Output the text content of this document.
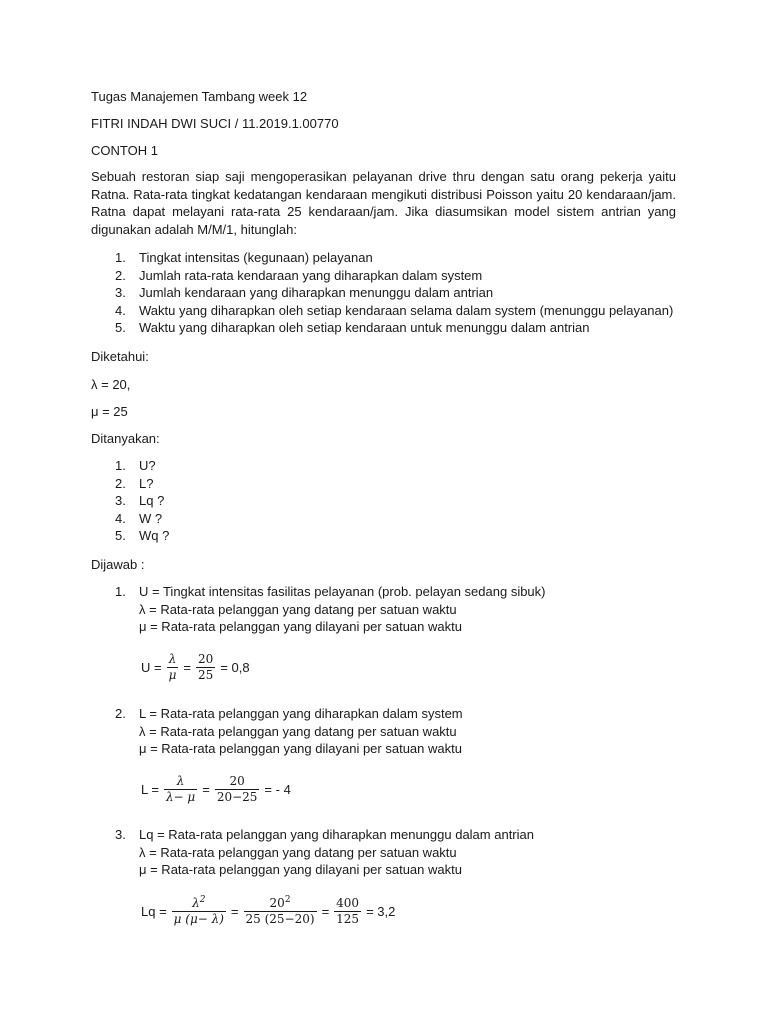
Tugas Manajemen Tambang week 12
FITRI INDAH DWI SUCI / 11.2019.1.00770
CONTOH 1
Sebuah restoran siap saji mengoperasikan pelayanan drive thru dengan satu orang pekerja yaitu Ratna. Rata-rata tingkat kedatangan kendaraan mengikuti distribusi Poisson yaitu 20 kendaraan/jam. Ratna dapat melayani rata-rata 25 kendaraan/jam. Jika diasumsikan model sistem antrian yang digunakan adalah M/M/1, hitunglah:
1. Tingkat intensitas (kegunaan) pelayanan
2. Jumlah rata-rata kendaraan yang diharapkan dalam system
3. Jumlah kendaraan yang diharapkan menunggu dalam antrian
4. Waktu yang diharapkan oleh setiap kendaraan selama dalam system (menunggu pelayanan)
5. Waktu yang diharapkan oleh setiap kendaraan untuk menunggu dalam antrian
Diketahui:
λ = 20,
μ = 25
Ditanyakan:
1. U?
2. L?
3. Lq ?
4. W ?
5. Wq ?
Dijawab :
1. U = Tingkat intensitas fasilitas pelayanan (prob. pelayan sedang sibuk)
λ = Rata-rata pelanggan yang datang per satuan waktu
μ = Rata-rata pelanggan yang dilayani per satuan waktu
$U = \frac{\lambda}{\mu} = \frac{20}{25} = 0,8$
2. L = Rata-rata pelanggan yang diharapkan dalam system
λ = Rata-rata pelanggan yang datang per satuan waktu
μ = Rata-rata pelanggan yang dilayani per satuan waktu
$L = \frac{\lambda}{\lambda- \mu} = \frac{20}{20-25}$ = - 4
3. Lq = Rata-rata pelanggan yang diharapkan menunggu dalam antrian
λ = Rata-rata pelanggan yang datang per satuan waktu
μ = Rata-rata pelanggan yang dilayani per satuan waktu
$Lq = \frac{\lambda^2}{\mu (\mu- \lambda)} = \frac{20^2}{25 (25-20)} = \frac{400}{125} = 3,2$
